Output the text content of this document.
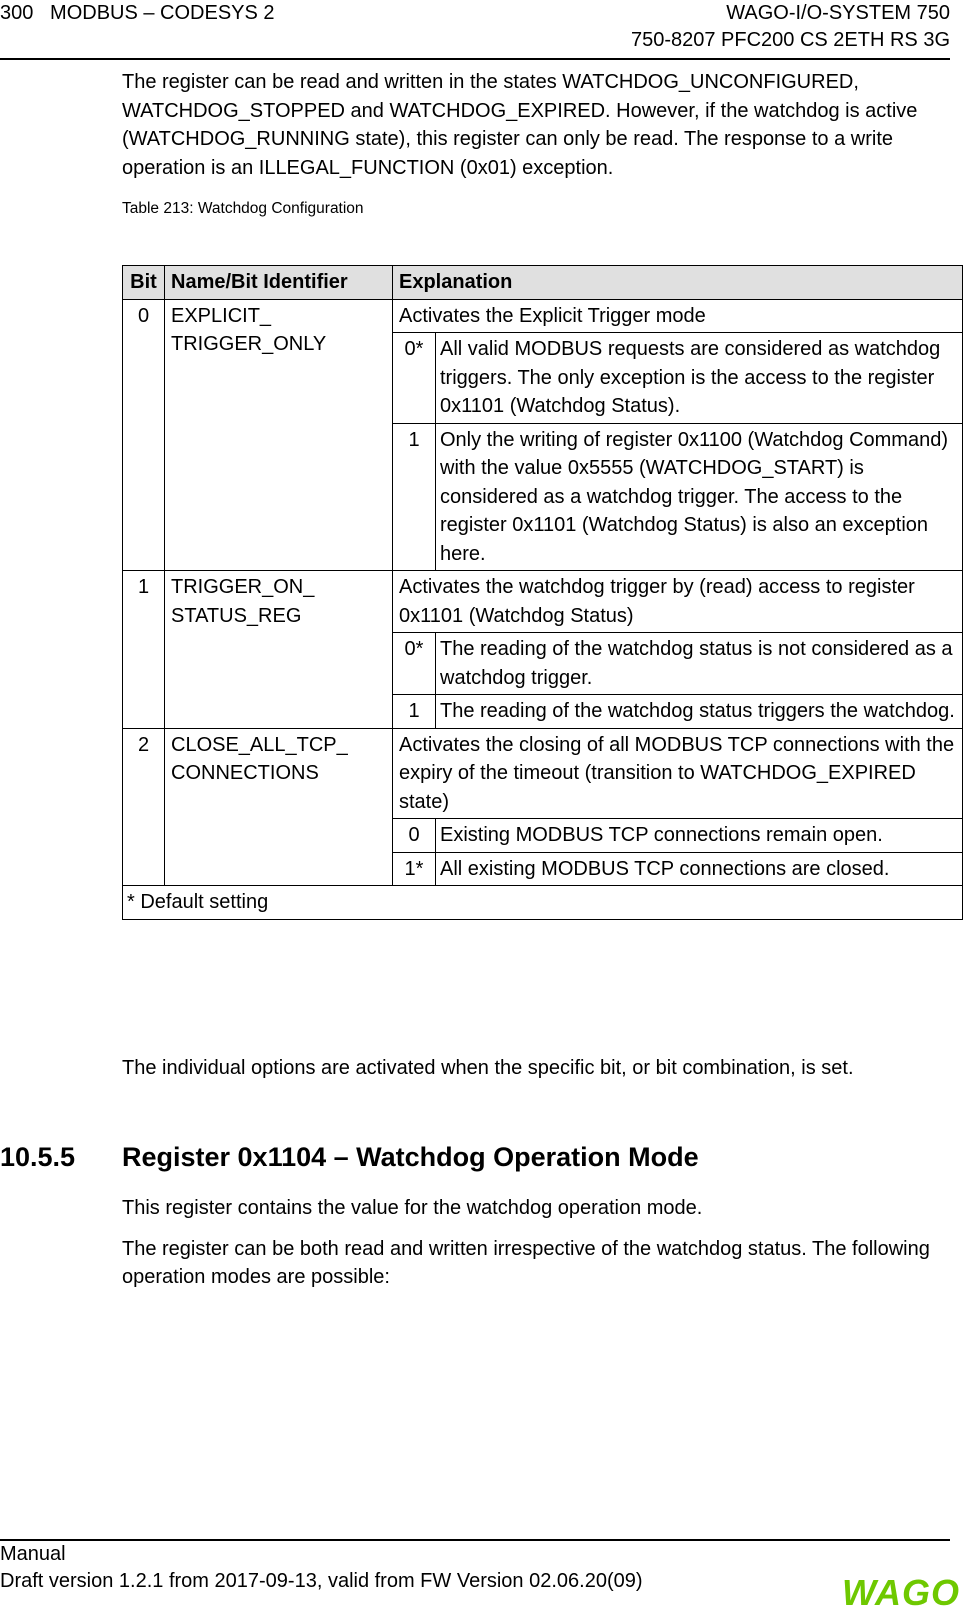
300   MODBUS – CODESYS 2	WAGO-I/O-SYSTEM 750
750-8207 PFC200 CS 2ETH RS 3G

The register can be read and written in the states WATCHDOG_UNCONFIGURED, WATCHDOG_STOPPED and WATCHDOG_EXPIRED. However, if the watchdog is active (WATCHDOG_RUNNING state), this register can only be read. The response to a write operation is an ILLEGAL_FUNCTION (0x01) exception.

Table 213: Watchdog Configuration
Bit	Name/Bit Identifier	Explanation	
0	EXPLICIT_ TRIGGER_ONLY	Activates the Explicit Trigger mode	
		0*	All valid MODBUS requests are considered as watchdog triggers. The only exception is the access to the register 0x1101 (Watchdog Status).
		1	Only the writing of register 0x1100 (Watchdog Command) with the value 0x5555 (WATCHDOG_START) is considered as a watchdog trigger. The access to the register 0x1101 (Watchdog Status) is also an exception here.
1	TRIGGER_ON_ STATUS_REG	Activates the watchdog trigger by (read) access to register 0x1101 (Watchdog Status)	
		0*	The reading of the watchdog status is not considered as a watchdog trigger.
		1	The reading of the watchdog status triggers the watchdog.
2	CLOSE_ALL_TCP_ CONNECTIONS	Activates the closing of all MODBUS TCP connections with the expiry of the timeout (transition to WATCHDOG_EXPIRED state)	
		0	Existing MODBUS TCP connections remain open.
		1*	All existing MODBUS TCP connections are closed.
* Default setting			

The individual options are activated when the specific bit, or bit combination, is set.

10.5.5 Register 0x1104 – Watchdog Operation Mode

This register contains the value for the watchdog operation mode.

The register can be both read and written irrespective of the watchdog status. The following operation modes are possible:

Manual
Draft version 1.2.1 from 2017-09-13, valid from FW Version 02.06.20(09)	WAGO
